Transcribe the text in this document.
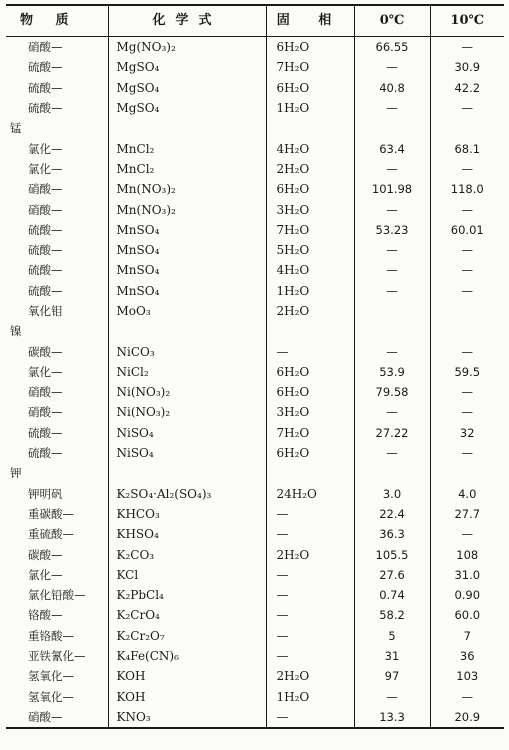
物 质	化学式	固 相	0℃	10℃
硝酸—	Mg(NO₃)₂	6H₂O	66.55	—
硫酸—	MgSO₄	7H₂O	—	30.9
硫酸—	MgSO₄	6H₂O	40.8	42.2
硫酸—	MgSO₄	1H₂O	—	—
锰				
氯化—	MnCl₂	4H₂O	63.4	68.1
氯化—	MnCl₂	2H₂O	—	—
硝酸—	Mn(NO₃)₂	6H₂O	101.98	118.0
硝酸—	Mn(NO₃)₂	3H₂O	—	—
硫酸—	MnSO₄	7H₂O	53.23	60.01
硫酸—	MnSO₄	5H₂O	—	—
硫酸—	MnSO₄	4H₂O	—	—
硫酸—	MnSO₄	1H₂O	—	—
氧化钼	MoO₃	2H₂O		
镍				
碳酸—	NiCO₃	—	—	—
氯化—	NiCl₂	6H₂O	53.9	59.5
硝酸—	Ni(NO₃)₂	6H₂O	79.58	—
硝酸—	Ni(NO₃)₂	3H₂O	—	—
硫酸—	NiSO₄	7H₂O	27.22	32
硫酸—	NiSO₄	6H₂O	—	—
钾				
钾明矾	K₂SO₄·Al₂(SO₄)₃	24H₂O	3.0	4.0
重碳酸—	KHCO₃	—	22.4	27.7
重硫酸—	KHSO₄	—	36.3	—
碳酸—	K₂CO₃	2H₂O	105.5	108
氯化—	KCl	—	27.6	31.0
氯化铅酸—	K₂PbCl₄	—	0.74	0.90
铬酸—	K₂CrO₄	—	58.2	60.0
重铬酸—	K₂Cr₂O₇	—	5	7
亚铁氰化—	K₄Fe(CN)₆	—	31	36
氢氧化—	KOH	2H₂O	97	103
氢氧化—	KOH	1H₂O	—	—
硝酸—	KNO₃	—	13.3	20.9
